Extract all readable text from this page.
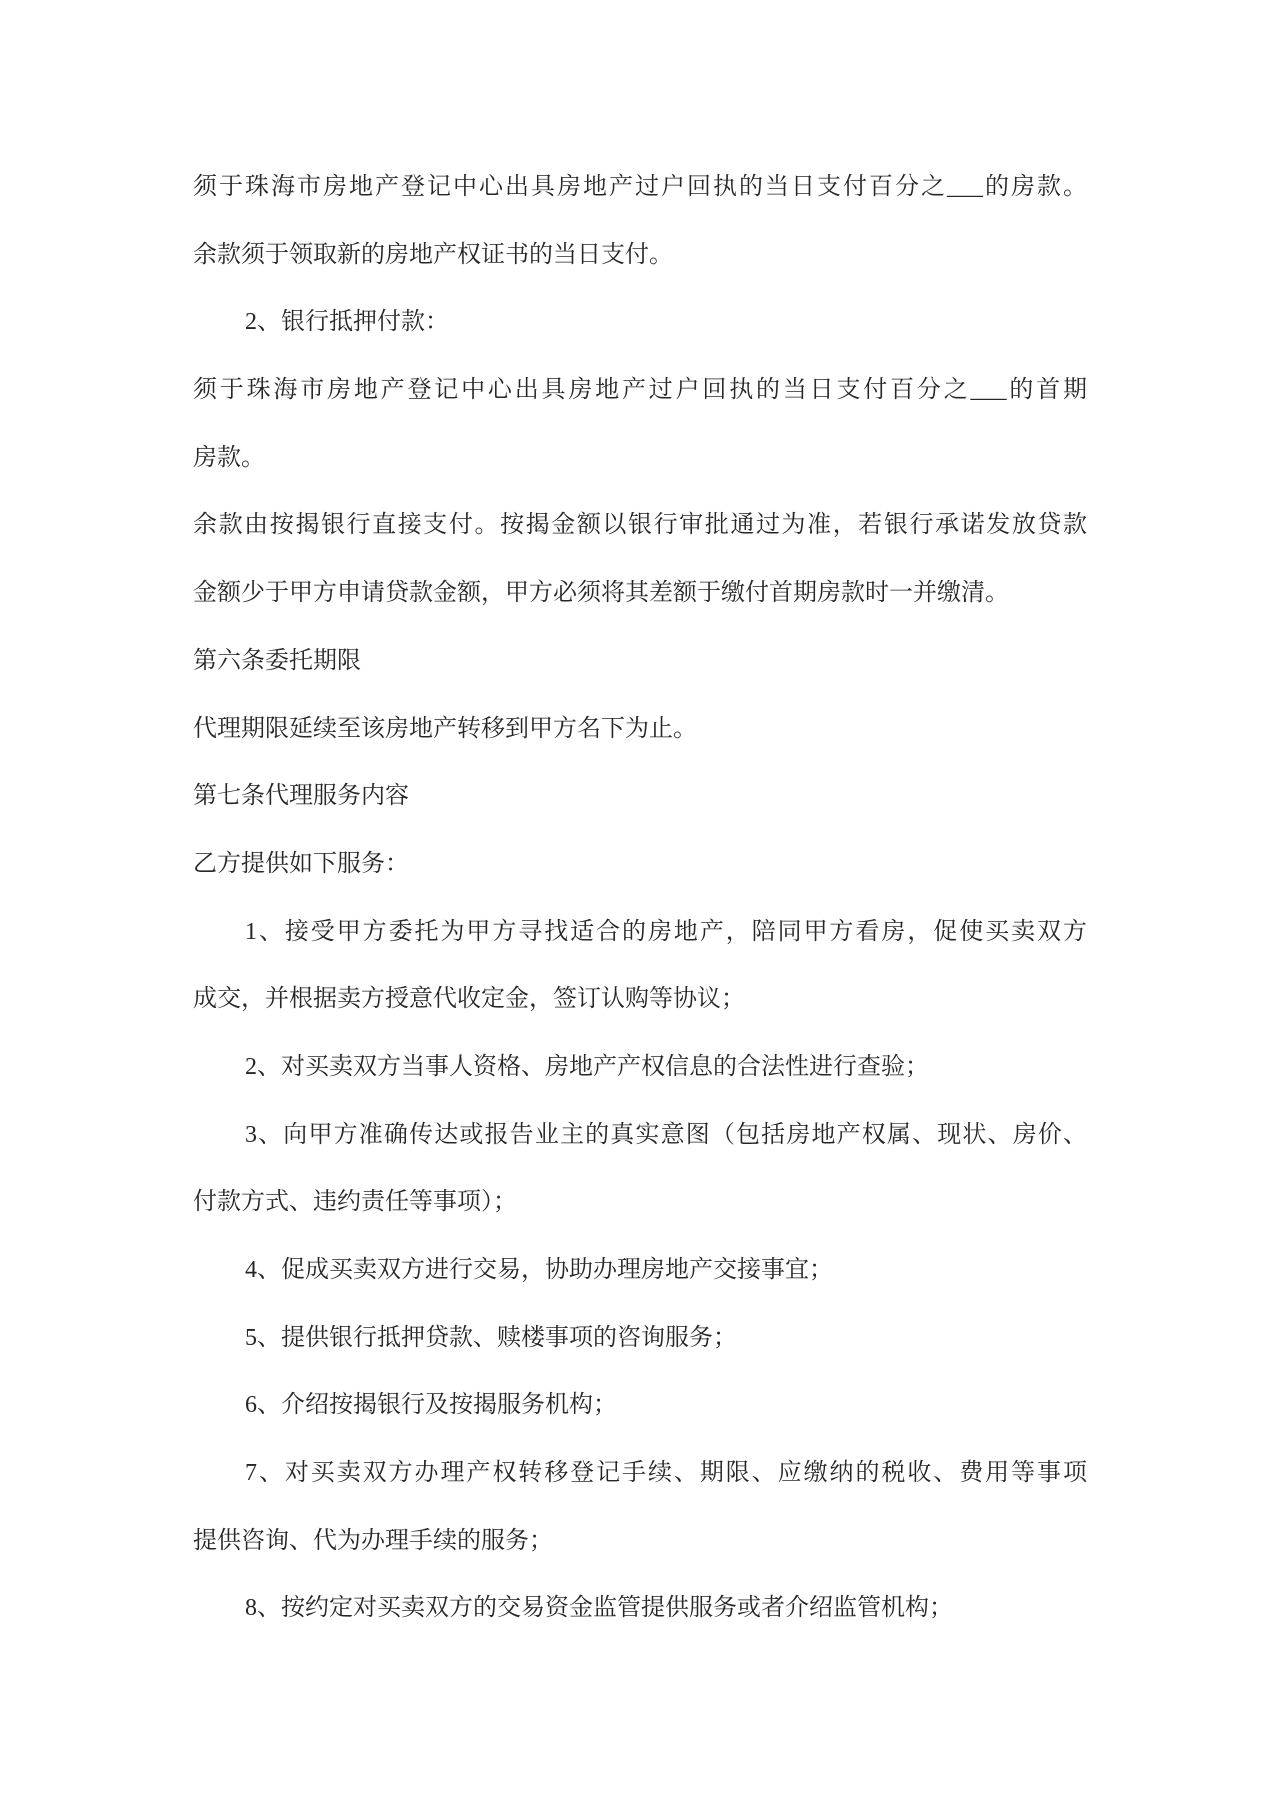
须于珠海市房地产登记中心出具房地产过户回执的当日支付百分之___的房款。
余款须于领取新的房地产权证书的当日支付。
2、银行抵押付款：
须于珠海市房地产登记中心出具房地产过户回执的当日支付百分之___的首期
房款。
余款由按揭银行直接支付。按揭金额以银行审批通过为准，若银行承诺发放贷款
金额少于甲方申请贷款金额，甲方必须将其差额于缴付首期房款时一并缴清。
第六条委托期限
代理期限延续至该房地产转移到甲方名下为止。
第七条代理服务内容
乙方提供如下服务：
1、接受甲方委托为甲方寻找适合的房地产，陪同甲方看房，促使买卖双方
成交，并根据卖方授意代收定金，签订认购等协议；
2、对买卖双方当事人资格、房地产产权信息的合法性进行查验；
3、向甲方准确传达或报告业主的真实意图（包括房地产权属、现状、房价、
付款方式、违约责任等事项）；
4、促成买卖双方进行交易，协助办理房地产交接事宜；
5、提供银行抵押贷款、赎楼事项的咨询服务；
6、介绍按揭银行及按揭服务机构；
7、对买卖双方办理产权转移登记手续、期限、应缴纳的税收、费用等事项
提供咨询、代为办理手续的服务；
8、按约定对买卖双方的交易资金监管提供服务或者介绍监管机构；
